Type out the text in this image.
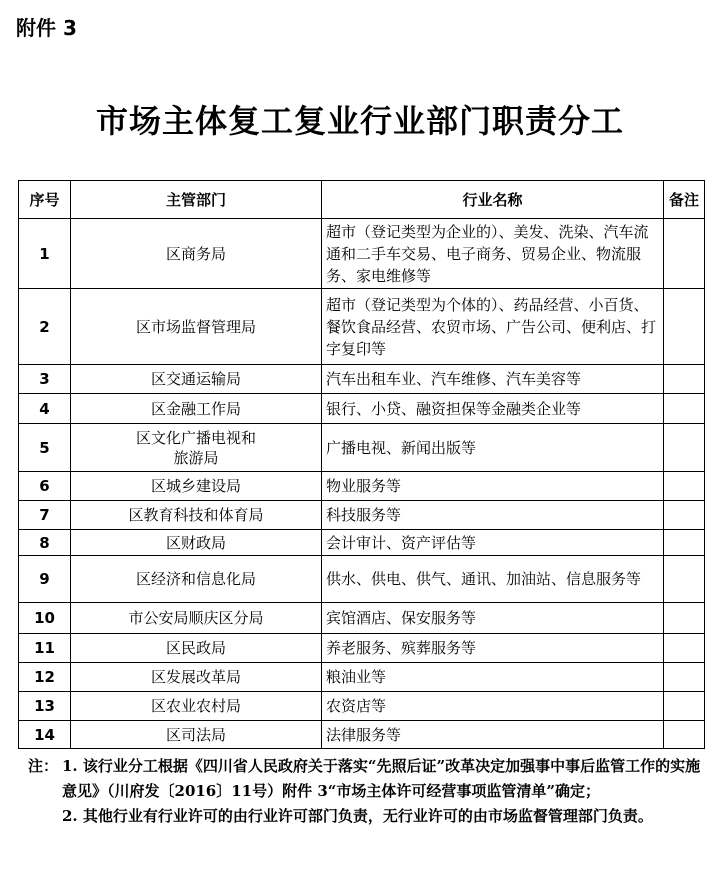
附件 3
市场主体复工复业行业部门职责分工
序号	主管部门	行业名称	备注
1	区商务局	超市（登记类型为企业的）、美发、洗染、汽车流通和二手车交易、电子商务、贸易企业、物流服务、家电维修等	
2	区市场监督管理局	超市（登记类型为个体的）、药品经营、小百货、餐饮食品经营、农贸市场、广告公司、便利店、打字复印等	
3	区交通运输局	汽车出租车业、汽车维修、汽车美容等	
4	区金融工作局	银行、小贷、融资担保等金融类企业等	
5	区文化广播电视和旅游局	广播电视、新闻出版等	
6	区城乡建设局	物业服务等	
7	区教育科技和体育局	科技服务等	
8	区财政局	会计审计、资产评估等	
9	区经济和信息化局	供水、供电、供气、通讯、加油站、信息服务等	
10	市公安局顺庆区分局	宾馆酒店、保安服务等	
11	区民政局	养老服务、殡葬服务等	
12	区发展改革局	粮油业等	
13	区农业农村局	农资店等	
14	区司法局	法律服务等	

注： 1. 该行业分工根据《四川省人民政府关于落实“先照后证”改革决定加强事中事后监管工作的实施意见》（川府发〔2016〕11号）附件 3“市场主体许可经营事项监管清单”确定；

2. 其他行业有行业许可的由行业许可部门负责，无行业许可的由市场监督管理部门负责。
